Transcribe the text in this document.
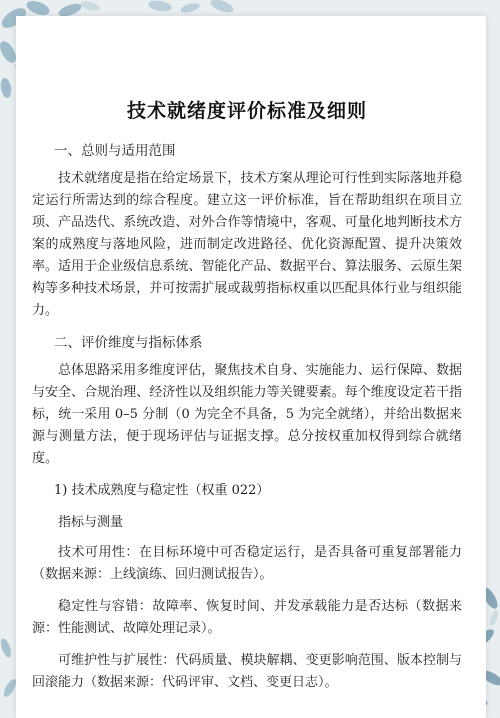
技术就绪度评价标准及细则
一、总则与适用范围

技术就绪度是指在给定场景下，技术方案从理论可行性到实际落地并稳定运行所需达到的综合程度。建立这一评价标准，旨在帮助组织在项目立项、产品迭代、系统改造、对外合作等情境中，客观、可量化地判断技术方案的成熟度与落地风险，进而制定改进路径、优化资源配置、提升决策效率。适用于企业级信息系统、智能化产品、数据平台、算法服务、云原生架构等多种技术场景，并可按需扩展或裁剪指标权重以匹配具体行业与组织能力。

二、评价维度与指标体系

总体思路采用多维度评估，聚焦技术自身、实施能力、运行保障、数据与安全、合规治理、经济性以及组织能力等关键要素。每个维度设定若干指标，统一采用 0–5 分制（0 为完全不具备，5 为完全就绪），并给出数据来源与测量方法，便于现场评估与证据支撑。总分按权重加权得到综合就绪度。

1) 技术成熟度与稳定性（权重 022）
指标与测量

技术可用性：在目标环境中可否稳定运行，是否具备可重复部署能力（数据来源：上线演练、回归测试报告）。

稳定性与容错：故障率、恢复时间、并发承载能力是否达标（数据来源：性能测试、故障处理记录）。

可维护性与扩展性：代码质量、模块解耦、变更影响范围、版本控制与回滚能力（数据来源：代码评审、文档、变更日志）。
